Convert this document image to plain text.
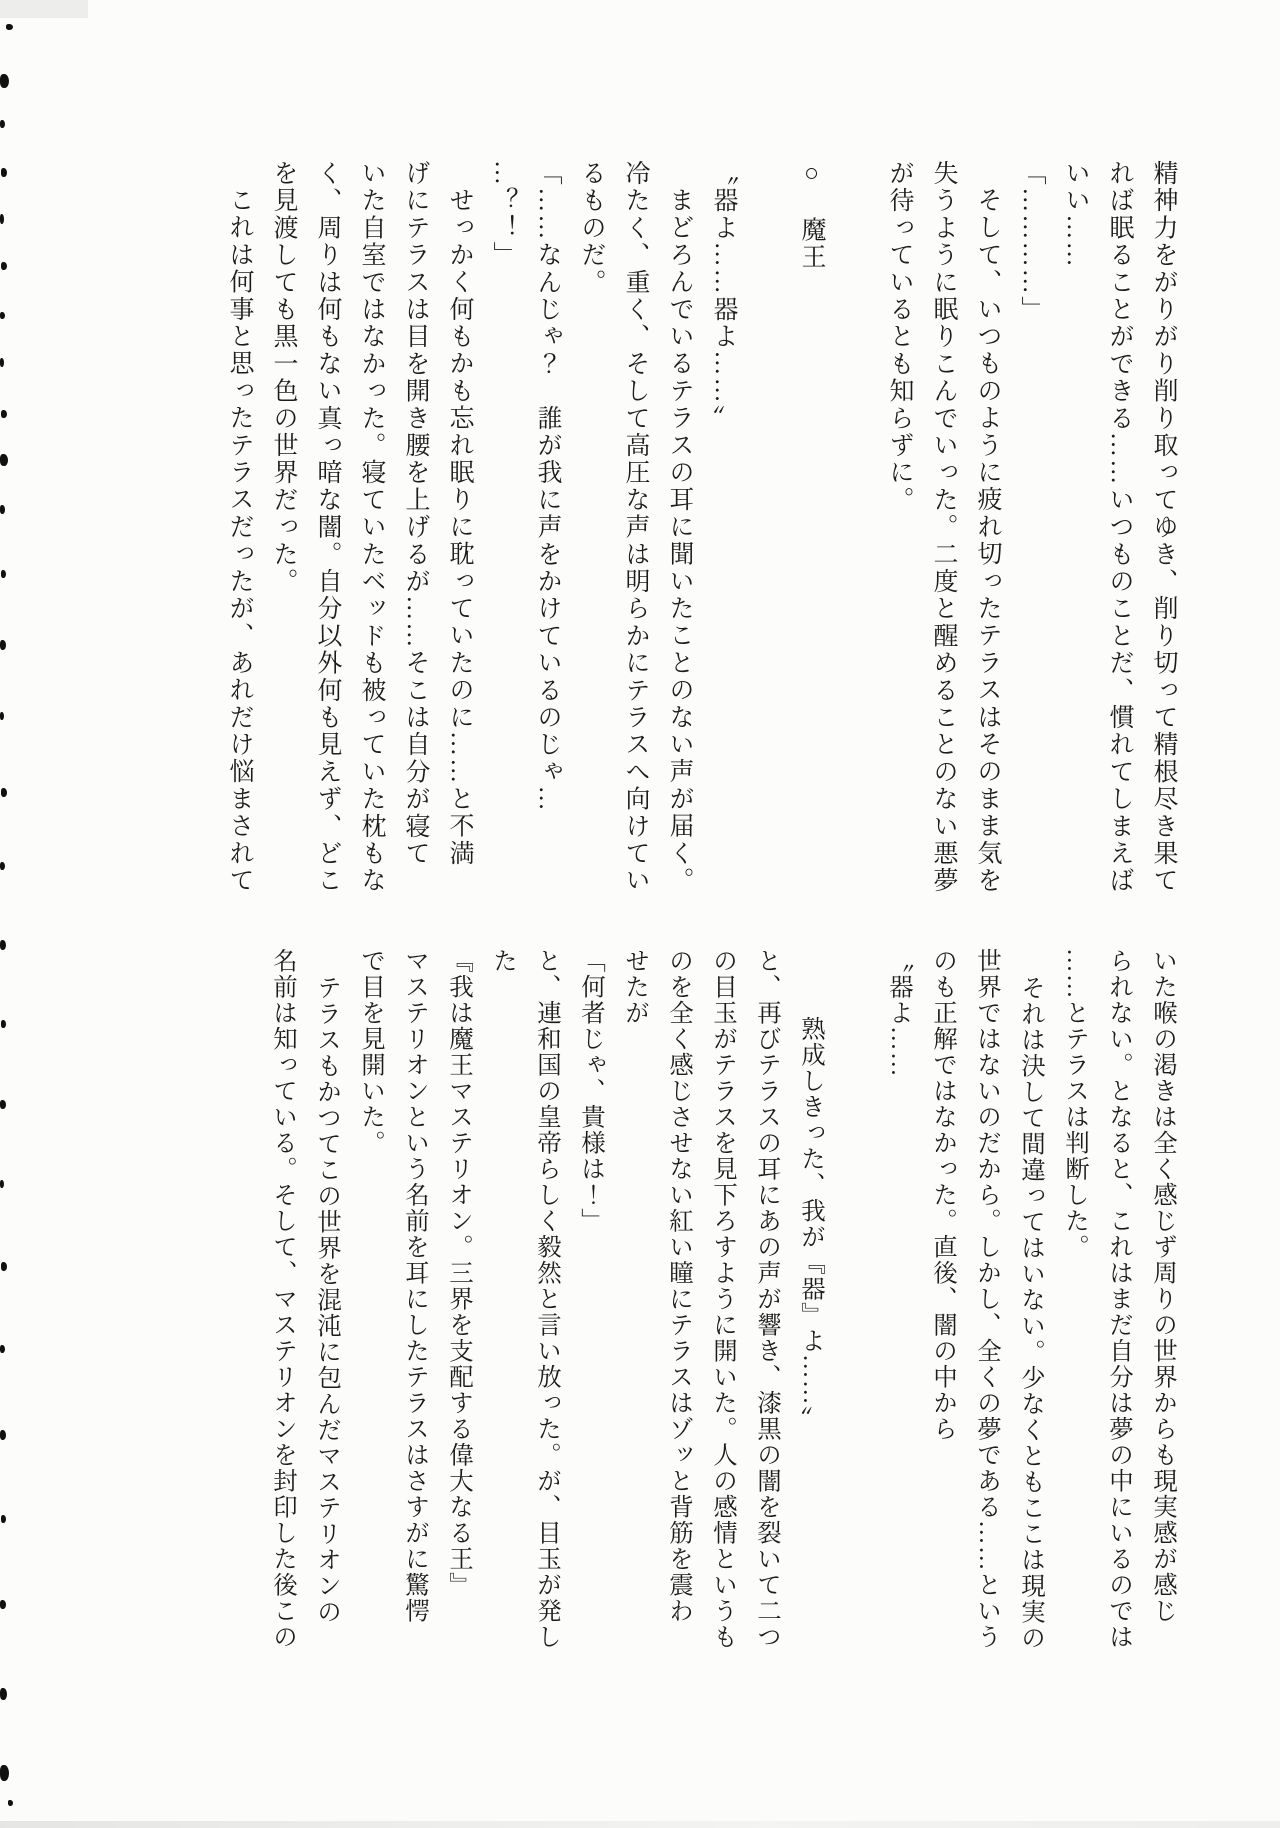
精神力をがりがり削り取ってゆき、削り切って精根尽き果て

れば眠ることができる……いつものことだ、慣れてしまえば

いい……

「…………」

そして、いつものように疲れ切ったテラスはそのまま気を

失うように眠りこんでいった。二度と醒めることのない悪夢

が待っているとも知らずに。

○　魔王

〝器よ……器よ……〟

まどろんでいるテラスの耳に聞いたことのない声が届く。

冷たく、重く、そして高圧な声は明らかにテラスへ向けてい

るものだ。

「……なんじゃ？　誰が我に声をかけているのじゃ…

…？！」

せっかく何もかも忘れ眠りに耽っていたのに……と不満

げにテラスは目を開き腰を上げるが……そこは自分が寝て

いた自室ではなかった。寝ていたベッドも被っていた枕もな

く、周りは何もない真っ暗な闇。自分以外何も見えず、どこ

を見渡しても黒一色の世界だった。

これは何事と思ったテラスだったが、あれだけ悩まされて

いた喉の渇きは全く感じず周りの世界からも現実感が感じ

られない。となると、これはまだ自分は夢の中にいるのでは

……とテラスは判断した。

それは決して間違ってはいない。少なくともここは現実の

世界ではないのだから。しかし、全くの夢である……という

のも正解ではなかった。直後、闇の中から

〝器よ……

熟成しきった、我が『器』よ……〟

と、再びテラスの耳にあの声が響き、漆黒の闇を裂いて二つ

の目玉がテラスを見下ろすように開いた。人の感情というも

のを全く感じさせない紅い瞳にテラスはゾッと背筋を震わ

せたが

「何者じゃ、貴様は！」

と、連和国の皇帝らしく毅然と言い放った。が、目玉が発し

た

『我は魔王マステリオン。三界を支配する偉大なる王』

マステリオンという名前を耳にしたテラスはさすがに驚愕

で目を見開いた。

テラスもかつてこの世界を混沌に包んだマステリオンの

名前は知っている。そして、マステリオンを封印した後この
